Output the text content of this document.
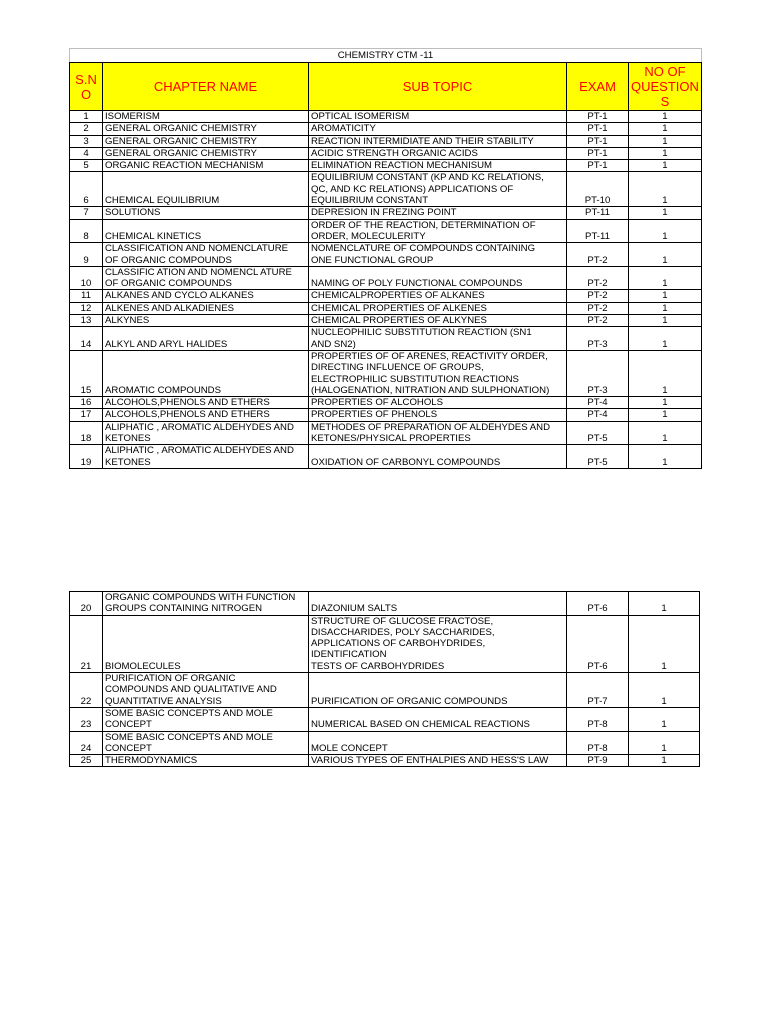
CHEMISTRY CTM -11				
S.N
O	CHAPTER NAME	SUB TOPIC	EXAM	NO OF
QUESTION
S
1	ISOMERISM	OPTICAL ISOMERISM	PT-1	1
2	GENERAL ORGANIC CHEMISTRY	AROMATICITY	PT-1	1
3	GENERAL ORGANIC CHEMISTRY	REACTION INTERMIDIATE AND THEIR STABILITY	PT-1	1
4	GENERAL ORGANIC CHEMISTRY	ACIDIC STRENGTH ORGANIC ACIDS	PT-1	1
5	ORGANIC REACTION MECHANISM	ELIMINATION REACTION MECHANISUM	PT-1	1
6	CHEMICAL EQUILIBRIUM	EQUILIBRIUM CONSTANT (KP AND KC RELATIONS,
QC, AND KC RELATIONS) APPLICATIONS OF
EQUILIBRIUM CONSTANT	PT-10	1
7	SOLUTIONS	DEPRESION IN FREZING POINT	PT-11	1
8	CHEMICAL KINETICS	ORDER OF THE REACTION, DETERMINATION OF
ORDER, MOLECULERITY	PT-11	1
9	CLASSIFICATION AND NOMENCLATURE
OF ORGANIC COMPOUNDS	NOMENCLATURE OF COMPOUNDS CONTAINING
ONE FUNCTIONAL GROUP	PT-2	1
10	CLASSIFIC ATION AND NOMENCL ATURE
OF ORGANIC COMPOUNDS	NAMING OF POLY FUNCTIONAL COMPOUNDS	PT-2	1
11	ALKANES AND CYCLO ALKANES	CHEMICALPROPERTIES OF ALKANES	PT-2	1
12	ALKENES AND ALKADIENES	CHEMICAL PROPERTIES OF ALKENES	PT-2	1
13	ALKYNES	CHEMICAL PROPERTIES OF ALKYNES	PT-2	1
14	ALKYL AND ARYL HALIDES	NUCLEOPHILIC SUBSTITUTION REACTION (SN1
AND SN2)	PT-3	1
15	AROMATIC COMPOUNDS	PROPERTIES OF OF ARENES, REACTIVITY ORDER,
DIRECTING INFLUENCE OF GROUPS,
ELECTROPHILIC SUBSTITUTION REACTIONS
(HALOGENATION, NITRATION AND SULPHONATION)	PT-3	1
16	ALCOHOLS,PHENOLS AND ETHERS	PROPERTIES OF ALCOHOLS	PT-4	1
17	ALCOHOLS,PHENOLS AND ETHERS	PROPERTIES OF PHENOLS	PT-4	1
18	ALIPHATIC , AROMATIC ALDEHYDES AND
KETONES	METHODES OF PREPARATION OF ALDEHYDES AND
KETONES/PHYSICAL PROPERTIES	PT-5	1
19	ALIPHATIC , AROMATIC ALDEHYDES AND
KETONES	OXIDATION OF CARBONYL COMPOUNDS	PT-5	1
20	ORGANIC COMPOUNDS WITH FUNCTION
GROUPS CONTAINING NITROGEN	DIAZONIUM SALTS	PT-6	1
21	BIOMOLECULES	STRUCTURE OF GLUCOSE FRACTOSE,
DISACCHARIDES, POLY SACCHARIDES,
APPLICATIONS OF CARBOHYDRIDES,
IDENTIFICATION
TESTS OF CARBOHYDRIDES	PT-6	1
22	PURIFICATION OF ORGANIC
COMPOUNDS AND QUALITATIVE AND
QUANTITATIVE ANALYSIS	PURIFICATION OF ORGANIC COMPOUNDS	PT-7	1
23	SOME BASIC CONCEPTS AND MOLE
CONCEPT	NUMERICAL BASED ON CHEMICAL REACTIONS	PT-8	1
24	SOME BASIC CONCEPTS AND MOLE
CONCEPT	MOLE CONCEPT	PT-8	1
25	THERMODYNAMICS	VARIOUS TYPES OF ENTHALPIES AND HESS'S LAW	PT-9	1
